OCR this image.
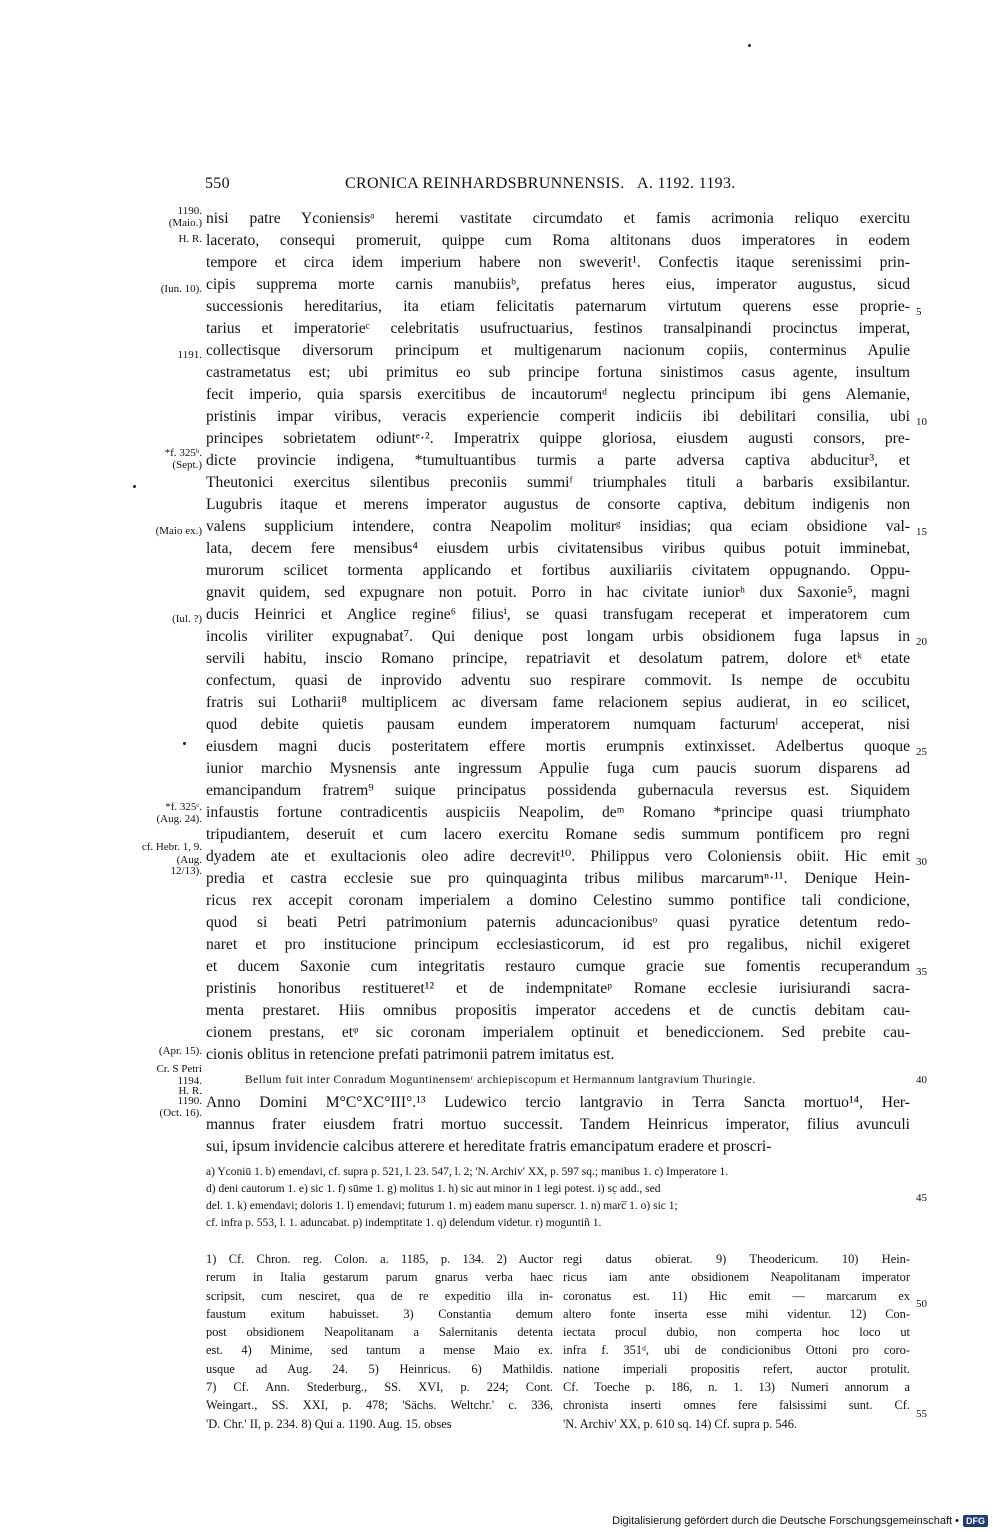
550	CRONICA REINHARDSBRUNNENSIS. A. 1192. 1193.
nisi patre Yconiensisᵃ heremi vastitate circumdato et famis acrimonia reliquo exercitu
lacerato, consequi promeruit, quippe cum Roma altitonans duos imperatores in eodem
tempore et circa idem imperium habere non sweverit¹. Confectis itaque serenissimi prin-
cipis supprema morte carnis manubiisᵇ, prefatus heres eius, imperator augustus, sicud
successionis hereditarius, ita etiam felicitatis paternarum virtutum querens esse proprie-
tarius et imperatorieᶜ celebritatis usufructuarius, festinos transalpinandi procinctus imperat,
collectisque diversorum principum et multigenarum nacionum copiis, conterminus Apulie
castrametatus est; ubi primitus eo sub principe fortuna sinistimos casus agente, insultum
fecit imperio, quia sparsis exercitibus de incautorumᵈ neglectu principum ibi gens Alemanie,
pristinis impar viribus, veracis experiencie comperit indiciis ibi debilitari consilia, ubi
principes sobrietatem odiuntᵉ·². Imperatrix quippe gloriosa, eiusdem augusti consors, pre-
dicte provincie indigena, *tumultuantibus turmis a parte adversa captiva abducitur³, et
Theutonici exercitus silentibus preconiis summiᶠ triumphales tituli a barbaris exsibilantur.
Lugubris itaque et merens imperator augustus de consorte captiva, debitum indigenis non
valens supplicium intendere, contra Neapolim moliturᵍ insidias; qua eciam obsidione val-
lata, decem fere mensibus⁴ eiusdem urbis civitatensibus viribus quibus potuit imminebat,
murorum scilicet tormenta applicando et fortibus auxiliariis civitatem oppugnando. Oppu-
gnavit quidem, sed expugnare non potuit. Porro in hac civitate iuniorʰ dux Saxonie⁵, magni
ducis Heinrici et Anglice regine⁶ filiusⁱ, se quasi transfugam receperat et imperatorem cum
incolis viriliter expugnabat⁷. Qui denique post longam urbis obsidionem fuga lapsus in
servili habitu, inscio Romano principe, repatriavit et desolatum patrem, dolore etᵏ etate
confectum, quasi de inprovido adventu suo respirare commovit. Is nempe de occubitu
fratris sui Lotharii⁸ multiplicem ac diversam fame relacionem sepius audierat, in eo scilicet,
quod debite quietis pausam eundem imperatorem numquam facturumˡ acceperat, nisi
eiusdem magni ducis posteritatem effere mortis erumpnis extinxisset. Adelbertus quoque
iunior marchio Mysnensis ante ingressum Appulie fuga cum paucis suorum disparens ad
emancipandum fratrem⁹ suique principatus possidenda gubernacula reversus est. Siquidem
infaustis fortune contradicentis auspiciis Neapolim, deᵐ Romano *principe quasi triumphato
tripudiantem, deseruit et cum lacero exercitu Romane sedis summum pontificem pro regni
dyadem ate et exultacionis oleo adire decrevit¹⁰. Philippus vero Coloniensis obiit. Hic emit
predia et castra ecclesie sue pro quinquaginta tribus milibus marcarumⁿ·¹¹. Denique Hein-
ricus rex accepit coronam imperialem a domino Celestino summo pontifice tali condicione,
quod si beati Petri patrimonium paternis aduncacionibusᵒ quasi pyratice detentum redo-
naret et pro institucione principum ecclesiasticorum, id est pro regalibus, nichil exigeret
et ducem Saxonie cum integritatis restauro cumque gracie sue fomentis recuperandum
pristinis honoribus restitueret¹² et de indempnitateᵖ Romane ecclesie iurisiurandi sacra-
menta prestaret. Hiis omnibus propositis imperator accedens et de cunctis debitam cau-
cionem prestans, etᵠ sic coronam imperialem optinuit et benediccionem. Sed prebite cau-
cionis oblitus in retencione prefati patrimonii patrem imitatus est.
Bellum fuit inter Conradum Moguntinensemʳ archiepiscopum et Hermannum lantgravium Thuringie.
Anno Domini M°C°XC°III°.¹³ Ludewico tercio lantgravio in Terra Sancta mortuo¹⁴, Her-
mannus frater eiusdem fratri mortuo successit. Tandem Heinricus imperator, filius avunculi
sui, ipsum invidencie calcibus atterere et hereditate fratris emancipatum eradere et proscri-
1190.
(Maio.)
H. R.
(Iun. 10).
1191.
*f. 325ᵇ.
(Sept.)
(Maio ex.)
(Iul. ?)
*f. 325ᶜ.
(Aug. 24).
cf. Hebr. 1, 9.
(Aug.
12/13).
(Apr. 15).
Cr. S Petri
1194.
H. R.
1190.
(Oct. 16).
5
10
15
20
25
30
35
40
45
50
55
a) Yconiū 1. b) emendavi, cf. supra p. 521, l. 23. 547, l. 2; 'N. Archiv' XX, p. 597 sq.; manibus 1. c) Imperatore 1.
d) deni cautorum 1. e) sic 1. f) sūme 1. g) molitus 1. h) sic aut minor in 1 legi potest. i) sc̣ add., sed
del. 1. k) emendavi; doloris 1. l) emendavi; futurum 1. m) eadem manu superscr. 1. n) marc̅ 1. o) sic 1;
cf. infra p. 553, l. 1. aduncabat. p) indemptitate 1. q) delendum videtur. r) moguntiñ 1.
1) Cf. Chron. reg. Colon. a. 1185, p. 134. 2) Auctor
rerum in Italia gestarum parum gnarus verba haec
scripsit, cum nesciret, qua de re expeditio illa in-
faustum exitum habuisset. 3) Constantia demum
post obsidionem Neapolitanam a Salernitanis detenta
est. 4) Minime, sed tantum a mense Maio ex.
usque ad Aug. 24. 5) Heinricus. 6) Mathildis.
7) Cf. Ann. Stederburg., SS. XVI, p. 224; Cont.
Weingart., SS. XXI, p. 478; 'Sächs. Weltchr.' c. 336,
'D. Chr.' II, p. 234. 8) Qui a. 1190. Aug. 15. obses
regi datus obierat. 9) Theodericum. 10) Hein-
ricus iam ante obsidionem Neapolitanam imperator
coronatus est. 11) Hic emit — marcarum ex
altero fonte inserta esse mihi videntur. 12) Con-
iectata procul dubio, non comperta hoc loco ut
infra f. 351ᵈ, ubi de condicionibus Ottoni pro coro-
natione imperiali propositis refert, auctor protulit.
Cf. Toeche p. 186, n. 1. 13) Numeri annorum a
chronista inserti omnes fere falsissimi sunt. Cf.
'N. Archiv' XX, p. 610 sq. 14) Cf. supra p. 546.
Digitalisierung gefördert durch die Deutsche Forschungsgemeinschaft • DFG
